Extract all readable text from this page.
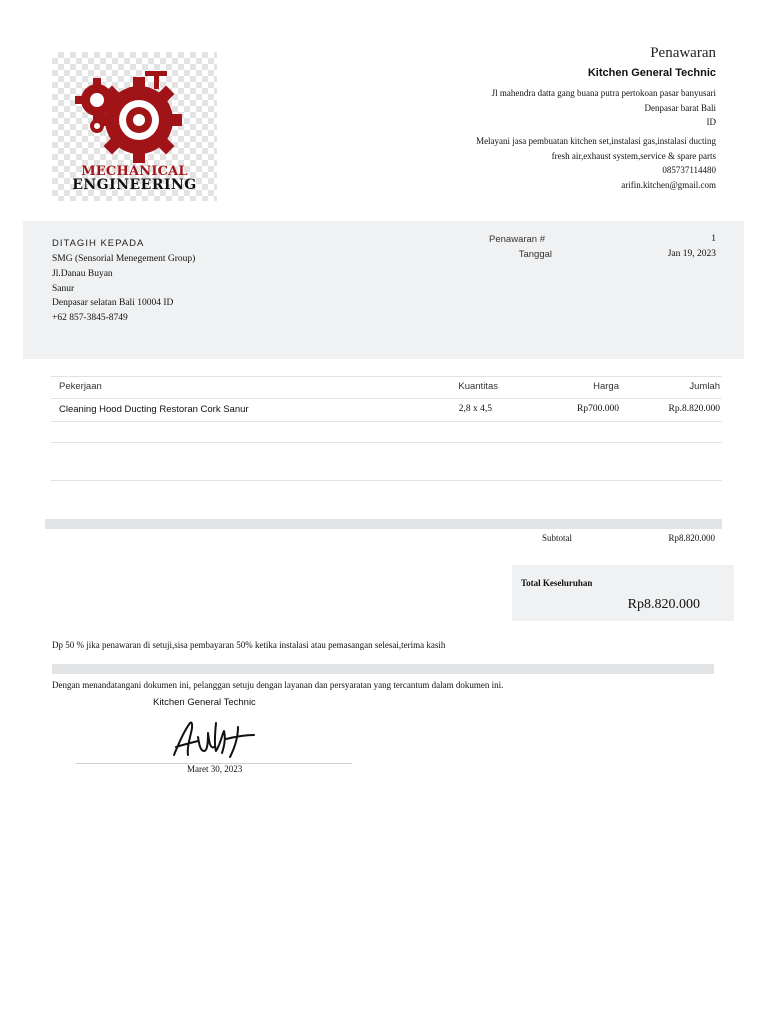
MECHANICAL
ENGINEERING
Penawaran
Kitchen General Technic
Jl mahendra datta gang buana putra pertokoan pasar banyusari
Denpasar barat Bali
ID
Melayani jasa pembuatan kitchen set,instalasi gas,instalasi ducting
fresh air,exhaust system,service & spare parts
085737114480
arifin.kitchen@gmail.com
DITAGIH KEPADA
SMG (Sensorial Menegement Group)
Jl.Danau Buyan
Sanur
Denpasar selatan Bali 10004 ID
+62 857-3845-8749
Penawaran #	1
Tanggal	Jan 19, 2023
Pekerjaan	Kuantitas	Harga	Jumlah
Cleaning Hood Ducting Restoran Cork Sanur	2,8 x 4,5	Rp700.000	Rp.8.820.000
Subtotal	Rp8.820.000
Total Keseluruhan
Rp8.820.000
Dp 50 % jika penawaran di setuji,sisa pembayaran 50% ketika instalasi atau pemasangan selesai,terima kasih
Dengan menandatangani dokumen ini, pelanggan setuju dengan layanan dan persyaratan yang tercantum dalam dokumen ini.
Kitchen General Technic
Maret 30, 2023
